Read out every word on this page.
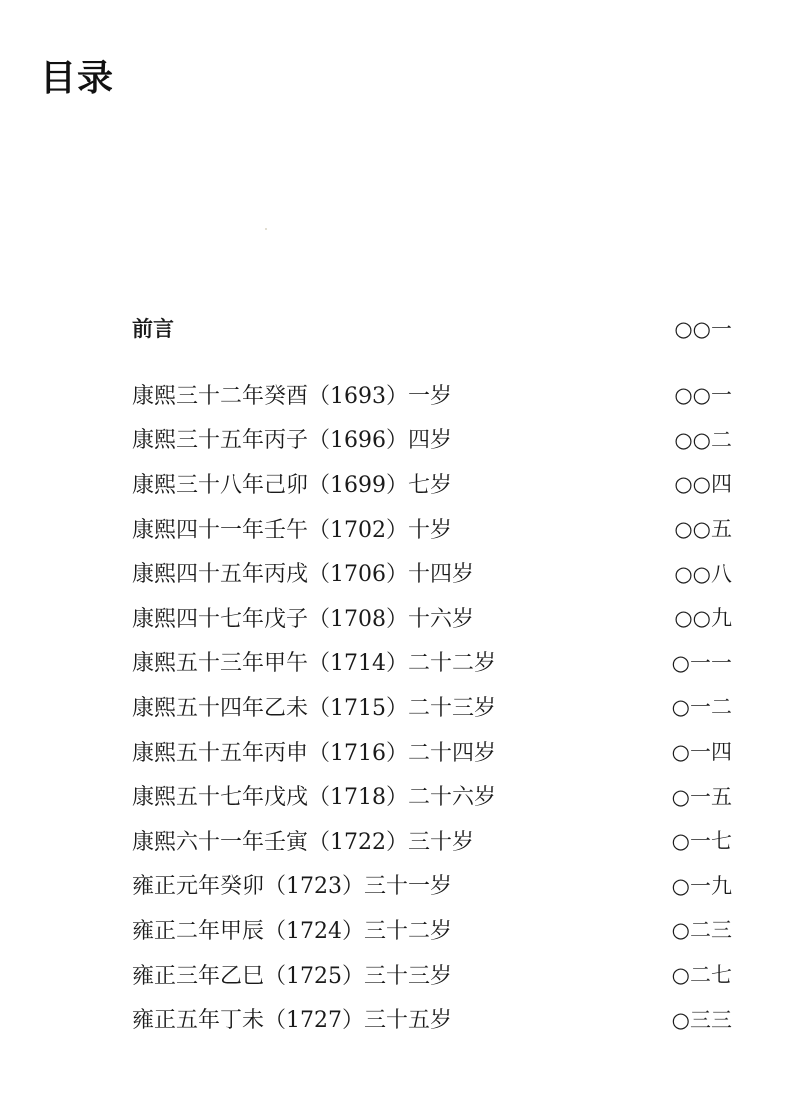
目录
前言	○○一
康熙三十二年癸酉（1693）一岁	○○一
康熙三十五年丙子（1696）四岁	○○二
康熙三十八年己卯（1699）七岁	○○四
康熙四十一年壬午（1702）十岁	○○五
康熙四十五年丙戌（1706）十四岁	○○八
康熙四十七年戊子（1708）十六岁	○○九
康熙五十三年甲午（1714）二十二岁	○一一
康熙五十四年乙未（1715）二十三岁	○一二
康熙五十五年丙申（1716）二十四岁	○一四
康熙五十七年戊戌（1718）二十六岁	○一五
康熙六十一年壬寅（1722）三十岁	○一七
雍正元年癸卯（1723）三十一岁	○一九
雍正二年甲辰（1724）三十二岁	○二三
雍正三年乙巳（1725）三十三岁	○二七
雍正五年丁未（1727）三十五岁	○三三
